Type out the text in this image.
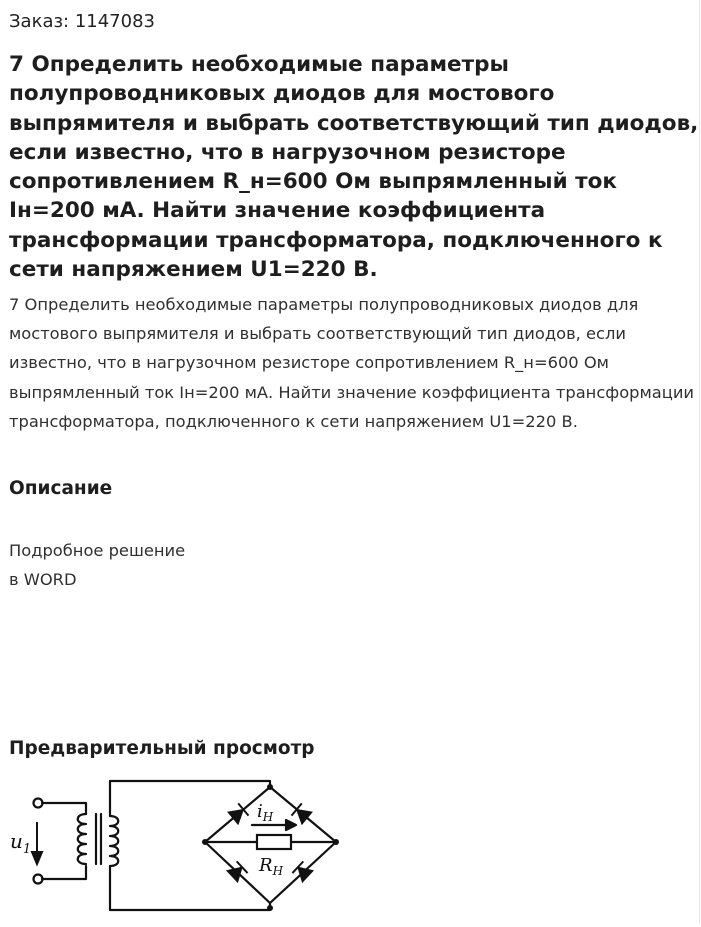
Заказ: 1147083
7 Определить необходимые параметры полупроводниковых диодов для мостового выпрямителя и выбрать соответствующий тип диодов, если известно, что в нагрузочном резисторе сопротивлением R_н=600 Ом выпрямленный ток Iн=200 мА. Найти значение коэффициента трансформации трансформатора, подключенного к сети напряжением U1=220 В.
7 Определить необходимые параметры полупроводниковых диодов для мостового выпрямителя и выбрать соответствующий тип диодов, если известно, что в нагрузочном резисторе сопротивлением R_н=600 Ом выпрямленный ток Iн=200 мА. Найти значение коэффициента трансформации трансформатора, подключенного к сети напряжением U1=220 В.
Описание
Подробное решение
в WORD
Предварительный просмотр
$u_1$
$i_Н$
$R_Н$
